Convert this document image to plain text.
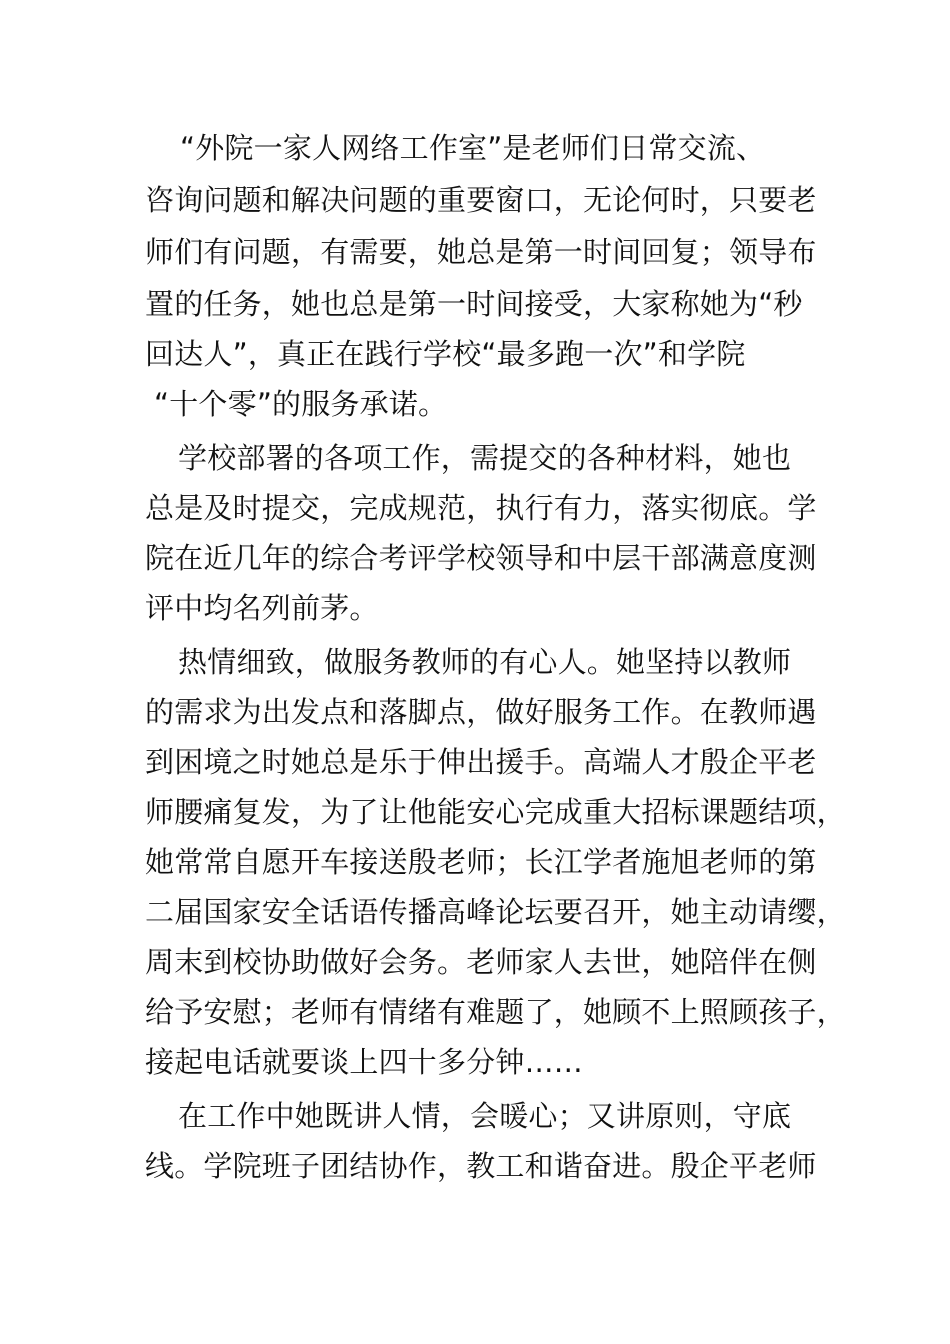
“外院一家人网络工作室”是老师们日常交流、
咨询问题和解决问题的重要窗口，无论何时，只要老
师们有问题，有需要，她总是第一时间回复；领导布
置的任务，她也总是第一时间接受，大家称她为“秒
回达人”，真正在践行学校“最多跑一次”和学院
“十个零”的服务承诺。
学校部署的各项工作，需提交的各种材料，她也
总是及时提交，完成规范，执行有力，落实彻底。学
院在近几年的综合考评学校领导和中层干部满意度测
评中均名列前茅。
热情细致，做服务教师的有心人。她坚持以教师
的需求为出发点和落脚点，做好服务工作。在教师遇
到困境之时她总是乐于伸出援手。高端人才殷企平老
师腰痛复发，为了让他能安心完成重大招标课题结项，
她常常自愿开车接送殷老师；长江学者施旭老师的第
二届国家安全话语传播高峰论坛要召开，她主动请缨，
周末到校协助做好会务。老师家人去世，她陪伴在侧
给予安慰；老师有情绪有难题了，她顾不上照顾孩子，
接起电话就要谈上四十多分钟……
在工作中她既讲人情，会暖心；又讲原则，守底
线。学院班子团结协作，教工和谐奋进。殷企平老师
